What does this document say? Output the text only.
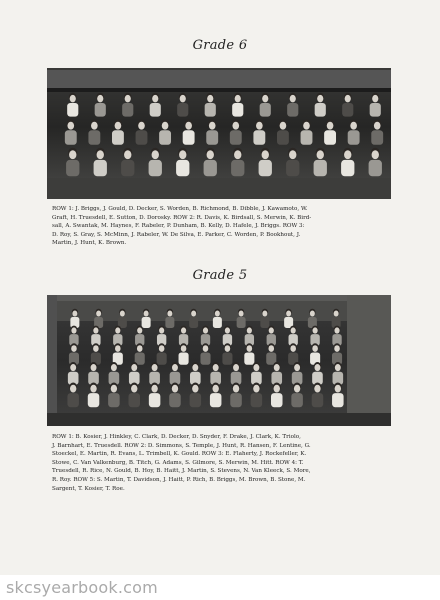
Grade 6
ROW 1: J. Briggs, J. Gould, D. Decker, S. Worden, B. Richmond, B. Dibble, J. Kawamoto, W.
Graft, H. Truesdell, E. Sutton, D. Dorosky. ROW 2: R. Davis, K. Birdsall, S. Merwin, K. Bird-
sall, A. Swantak, M. Haynes, F. Rabeler, P. Dunham, B. Kelly, D. Hafele, J. Briggs. ROW 3:
D. Roy, S. Gray, S. McMinn, J. Rabeler, W. De Silva, E. Parker, C. Worden, P. Bookhout, J.
Martin, J. Hunt, K. Brown.
Grade 5
ROW 1: B. Kosier, J. Hinkley, C. Clark, D. Decker, D. Snyder, F. Drake, J. Clark, K. Triolo,
J. Barnhart, E. Truesdell. ROW 2: D. Simmons, S. Temple, J. Hunt, R. Hansen, F. Lentine, G.
Stoeckel, E. Martin, R. Evans, L. Trimbell, K. Gould. ROW 3: E. Flaherty, J. Rockefeller, K.
Stowe, C. Van Valkenburg, B. Titch, G. Adams, S. Gilmore, S. Merwin, M. Hitt. ROW 4: T.
Truesdell, R. Rice, N. Gould, B. Hoy, B. Haitt, J. Martin, S. Stevens, N. Van Kleeck, S. More,
R. Roy. ROW 5: S. Martin, T. Davidson, J. Haitt, P. Rich, B. Briggs, M. Brown, B. Stone, M.
Sargent, T. Kosier, T. Roe.
skcsyearbook.com
